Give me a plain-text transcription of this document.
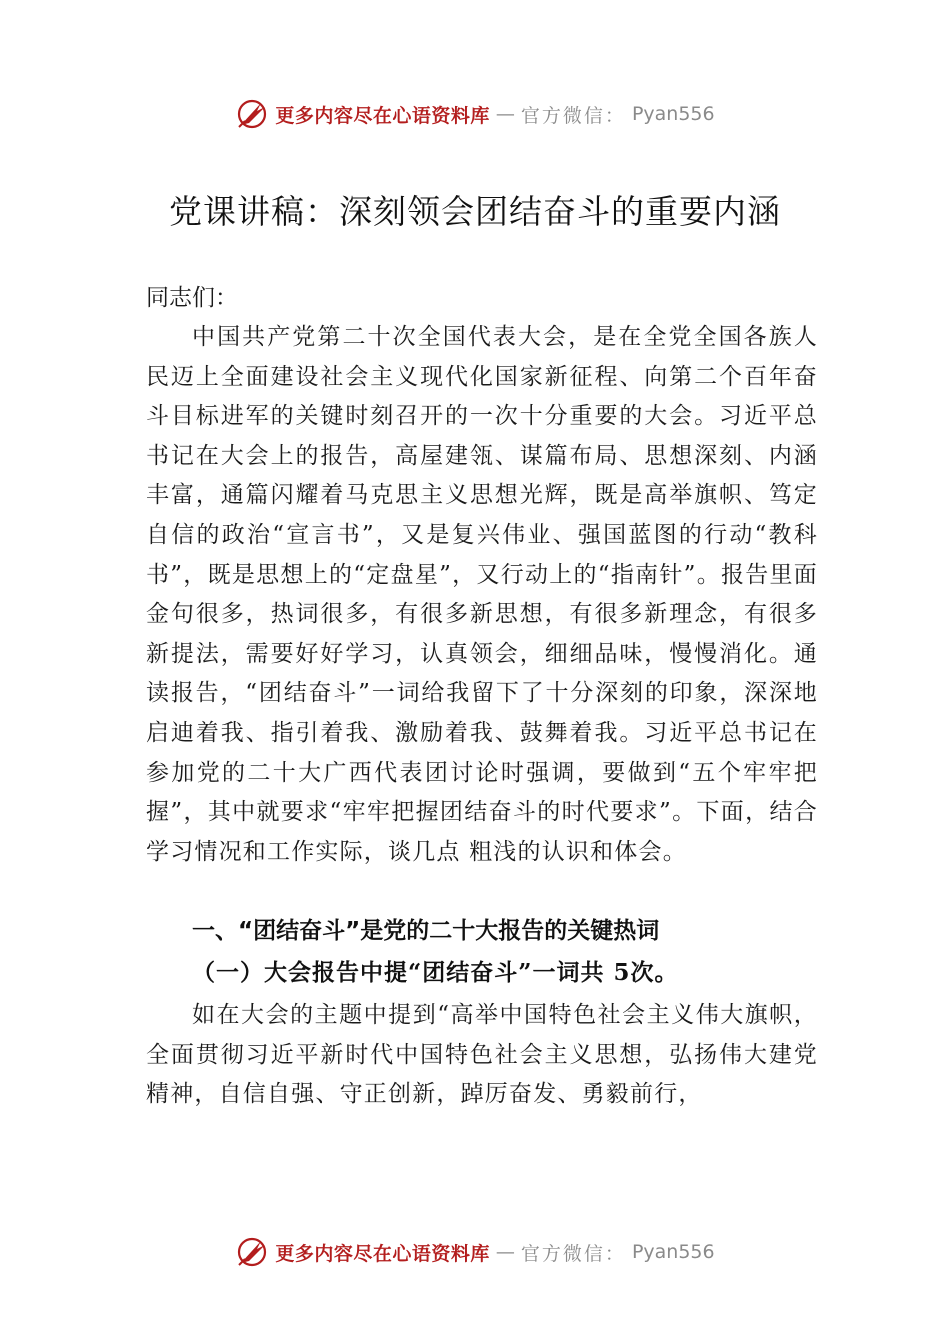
更多内容尽在心语资料库 — 官方微信： Pyan556
党课讲稿：深刻领会团结奋斗的重要内涵

同志们：

中国共产党第二十次全国代表大会，是在全党全国各族人民迈上全面建设社会主义现代化国家新征程、向第二个百年奋斗目标进军的关键时刻召开的一次十分重要的大会。习近平总书记在大会上的报告，高屋建瓴、谋篇布局、思想深刻、内涵丰富，通篇闪耀着马克思主义思想光辉，既是高举旗帜、笃定自信的政治“宣言书”，又是复兴伟业、强国蓝图的行动“教科书”，既是思想上的“定盘星”，又行动上的“指南针”。报告里面金句很多，热词很多，有很多新思想，有很多新理念，有很多新提法，需要好好学习，认真领会，细细品味，慢慢消化。通读报告，“团结奋斗”一词给我留下了十分深刻的印象，深深地启迪着我、指引着我、激励着我、鼓舞着我。习近平总书记在参加党的二十大广西代表团讨论时强调，要做到“五个牢牢把握”，其中就要求“牢牢把握团结奋斗的时代要求”。下面，结合学习情况和工作实际，谈几点 粗浅的认识和体会。

一、“团结奋斗”是党的二十大报告的关键热词
（一）大会报告中提“团结奋斗”一词共 5次。

如在大会的主题中提到“高举中国特色社会主义伟大旗帜，全面贯彻习近平新时代中国特色社会主义思想，弘扬伟大建党精神，自信自强、守正创新，踔厉奋发、勇毅前行，

更多内容尽在心语资料库 — 官方微信： Pyan556
